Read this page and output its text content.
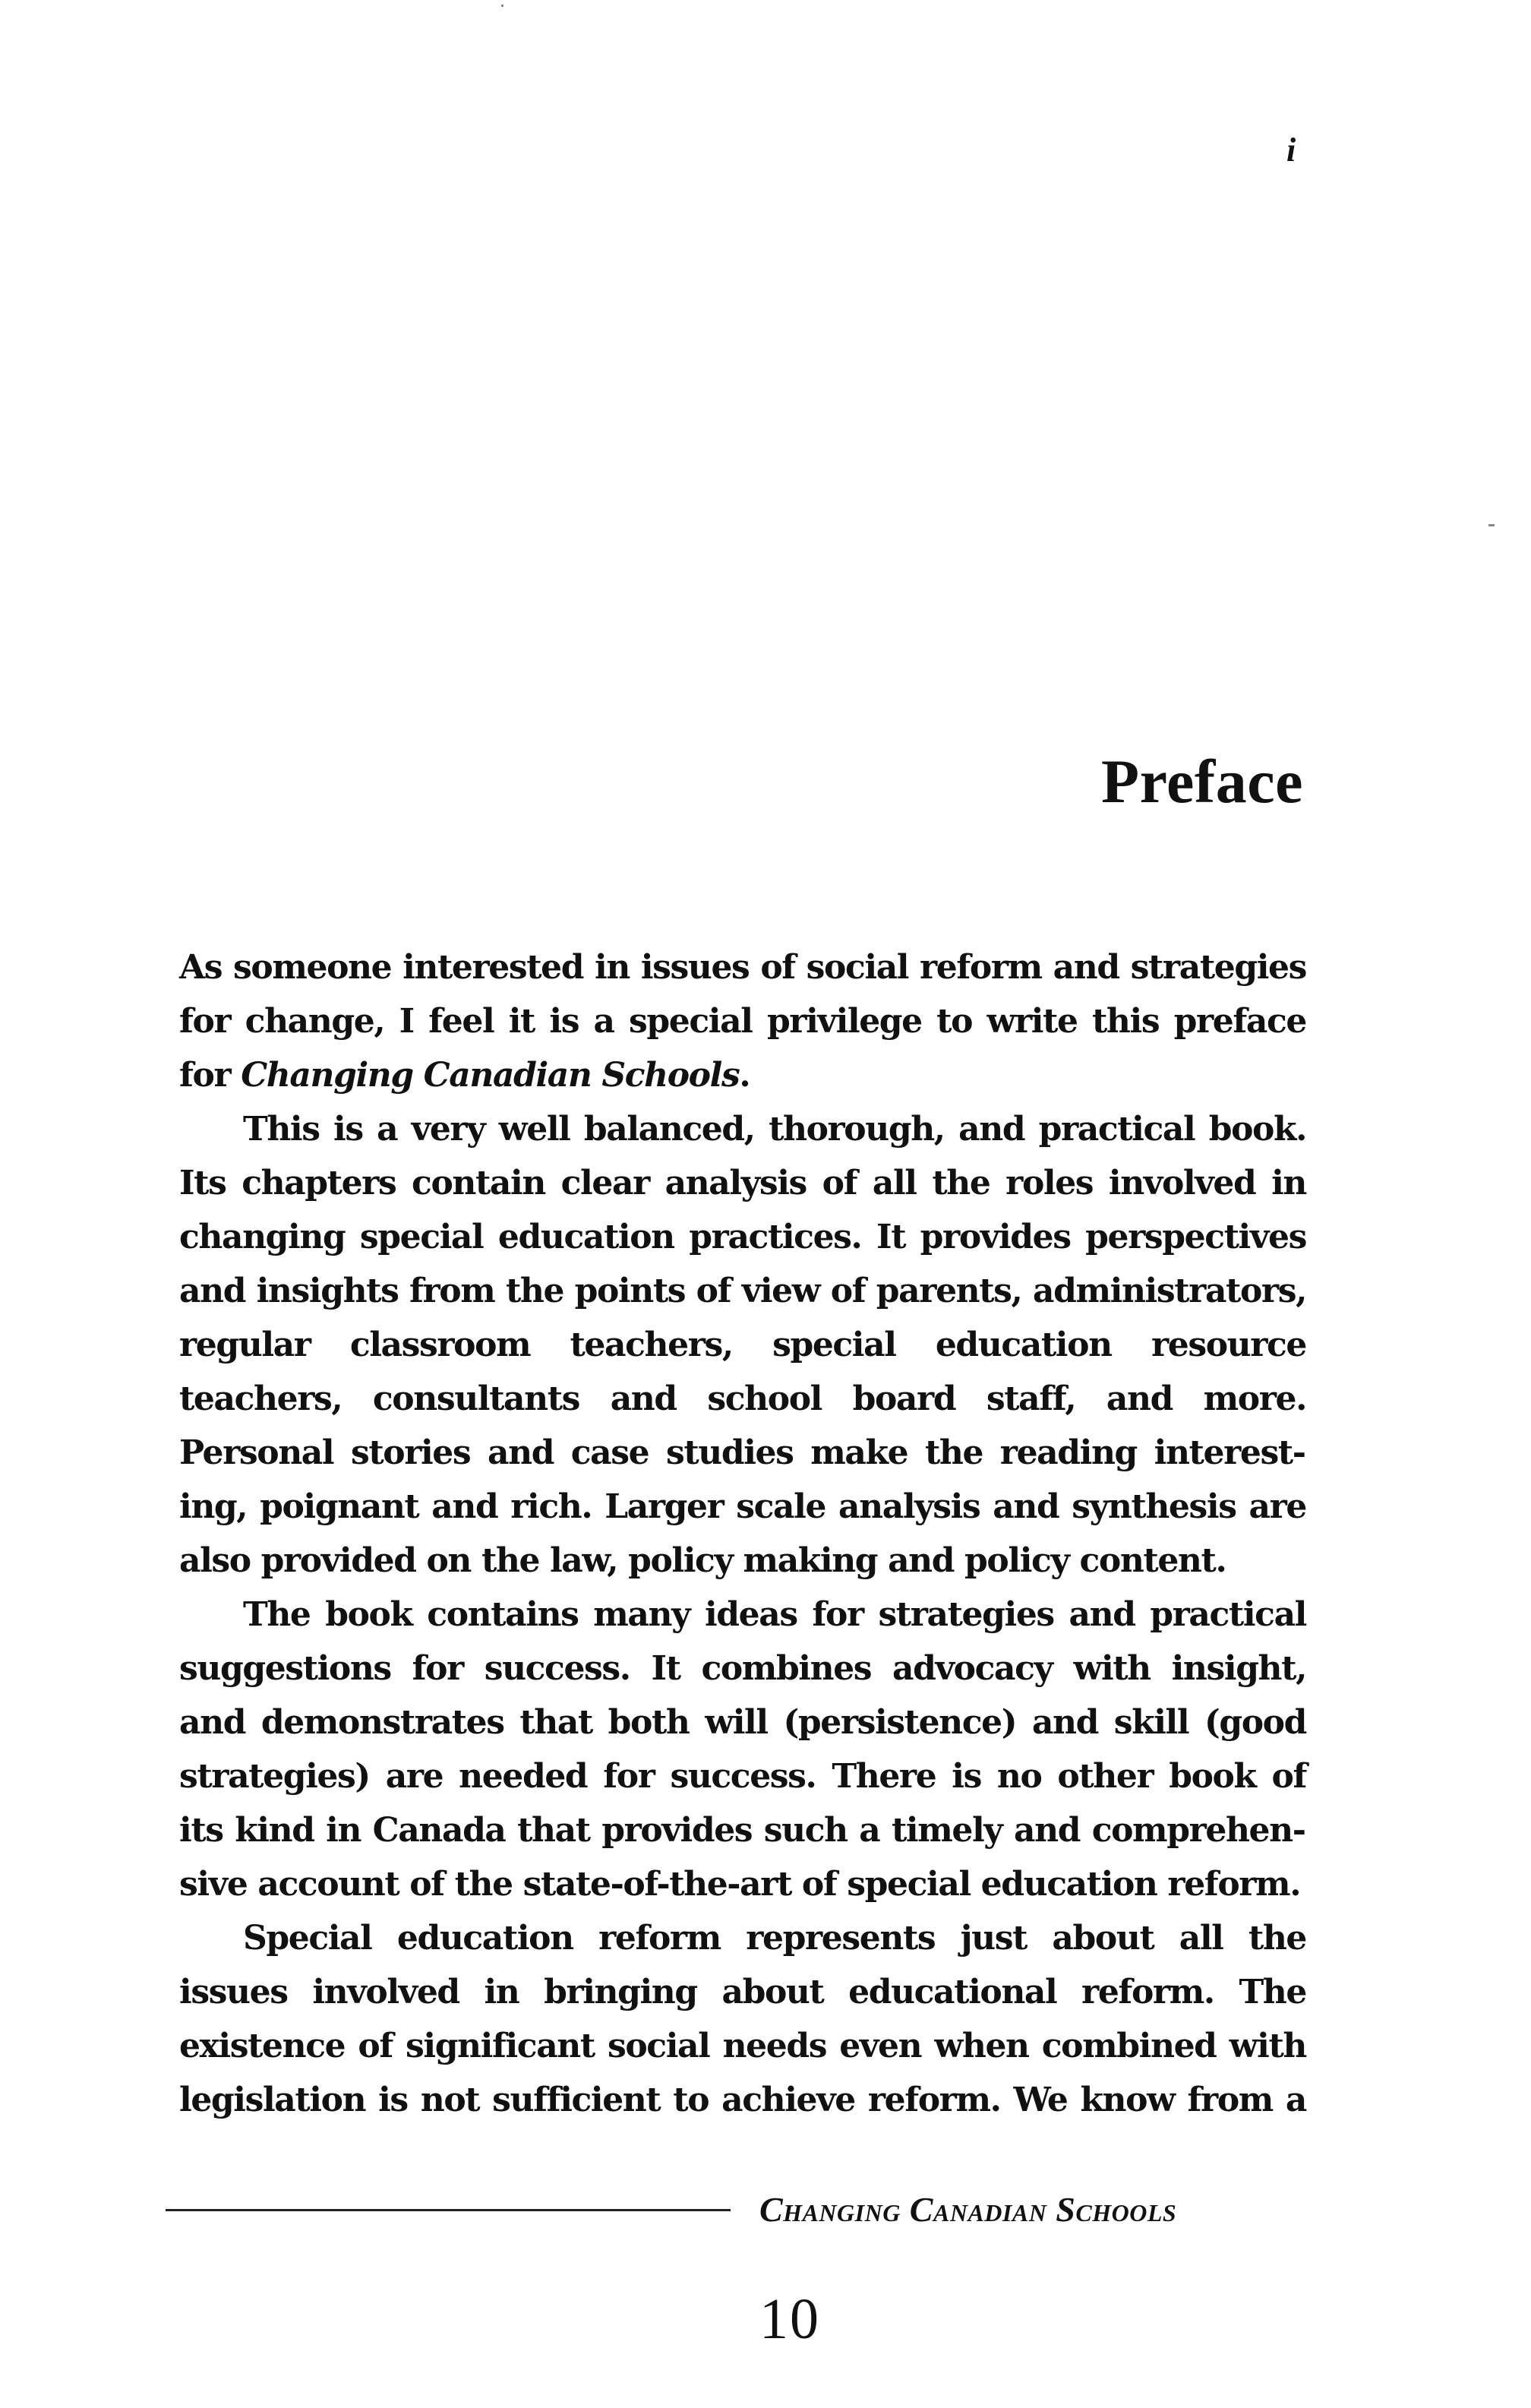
i
Preface

As someone interested in issues of social reform and strategies for change, I feel it is a special privilege to write this preface for Changing Canadian Schools.

This is a very well balanced, thorough, and practical book. Its chapters contain clear analysis of all the roles involved in changing special education practices. It provides perspectives and insights from the points of view of parents, administrators, regular classroom teachers, special education resource teachers, consultants and school board staff, and more. Personal stories and case studies make the reading interesting, poignant and rich. Larger scale analysis and synthesis are also provided on the law, policy making and policy content.

The book contains many ideas for strategies and practical suggestions for success. It combines advocacy with insight, and demonstrates that both will (persistence) and skill (good strategies) are needed for success. There is no other book of its kind in Canada that provides such a timely and comprehensive account of the state-of-the-art of special education reform.

Special education reform represents just about all the issues involved in bringing about educational reform. The existence of significant social needs even when combined with legislation is not sufficient to achieve reform. We know from a

Changing Canadian Schools
10
